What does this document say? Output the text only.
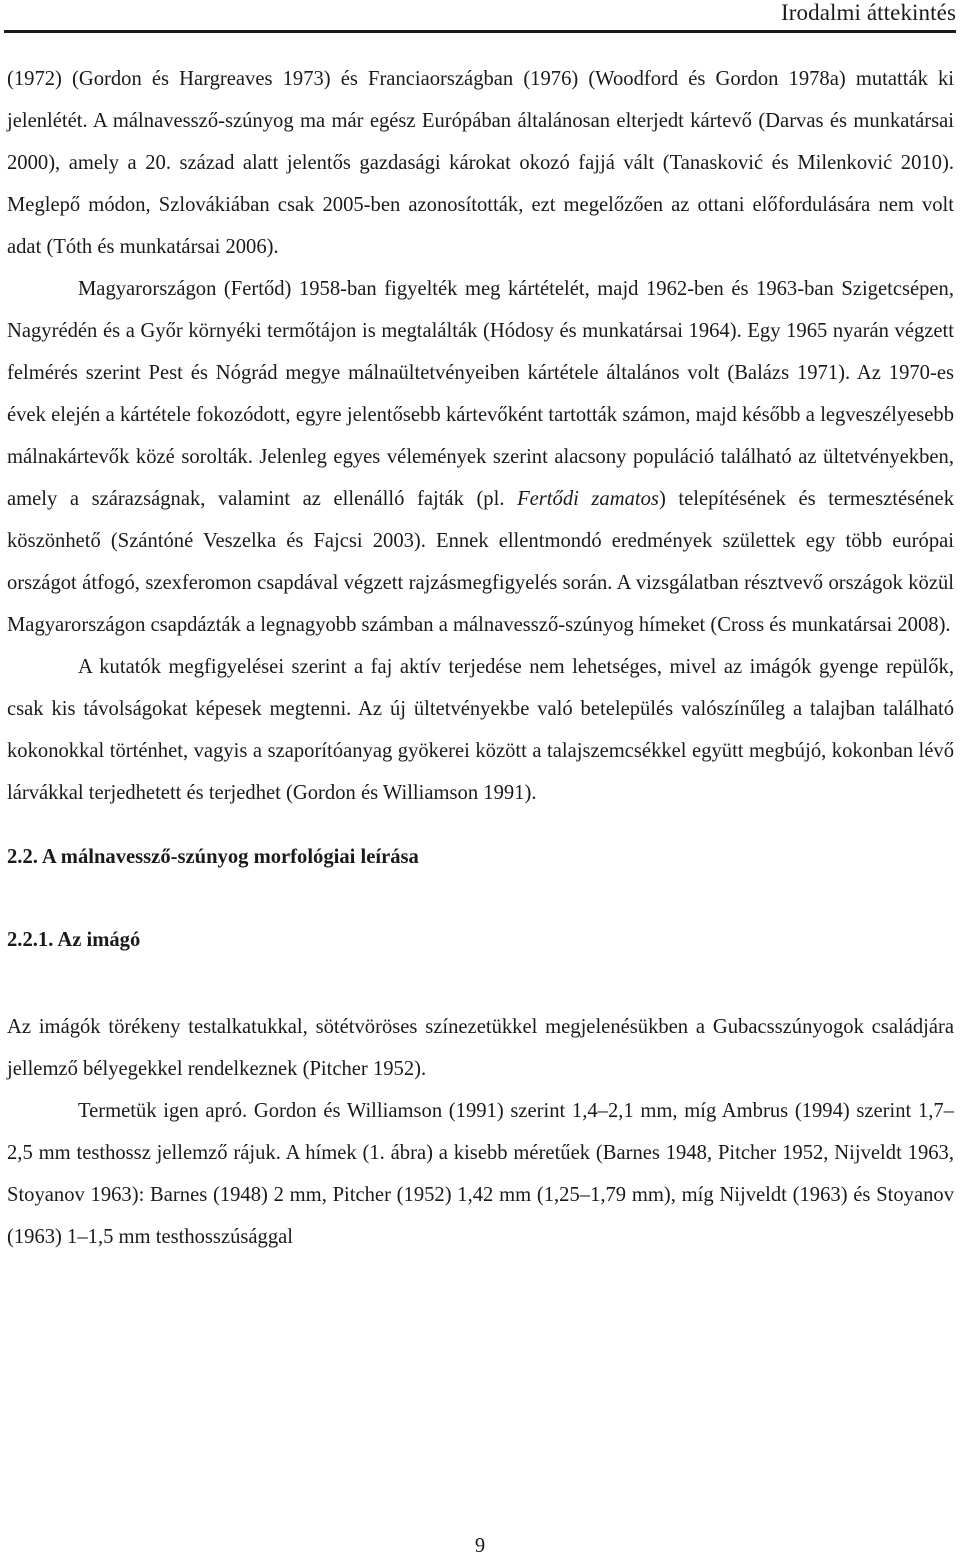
Irodalmi áttekintés

(1972) (Gordon és Hargreaves 1973) és Franciaországban (1976) (Woodford és Gordon 1978a) mutatták ki jelenlétét. A málnavessző-szúnyog ma már egész Európában általánosan elterjedt kártevő (Darvas és munkatársai 2000), amely a 20. század alatt jelentős gazdasági károkat okozó fajjá vált (Tanasković és Milenković 2010). Meglepő módon, Szlovákiában csak 2005-ben azonosították, ezt megelőzően az ottani előfordulására nem volt adat (Tóth és munkatársai 2006).

Magyarországon (Fertőd) 1958-ban figyelték meg kártételét, majd 1962-ben és 1963-ban Szigetcsépen, Nagyrédén és a Győr környéki termőtájon is megtalálták (Hódosy és munkatársai 1964). Egy 1965 nyarán végzett felmérés szerint Pest és Nógrád megye málnaültetvényeiben kártétele általános volt (Balázs 1971). Az 1970-es évek elején a kártétele fokozódott, egyre jelentősebb kártevőként tartották számon, majd később a legveszélyesebb málnakártevők közé sorolták. Jelenleg egyes vélemények szerint alacsony populáció található az ültetvényekben, amely a szárazságnak, valamint az ellenálló fajták (pl. Fertődi zamatos) telepítésének és termesztésének köszönhető (Szántóné Veszelka és Fajcsi 2003). Ennek ellentmondó eredmények születtek egy több európai országot átfogó, szexferomon csapdával végzett rajzásmegfigyelés során. A vizsgálatban résztvevő országok közül Magyarországon csapdázták a legnagyobb számban a málnavessző-szúnyog hímeket (Cross és munkatársai 2008).

A kutatók megfigyelései szerint a faj aktív terjedése nem lehetséges, mivel az imágók gyenge repülők, csak kis távolságokat képesek megtenni. Az új ültetvényekbe való betelepülés valószínűleg a talajban található kokonokkal történhet, vagyis a szaporítóanyag gyökerei között a talajszemcsékkel együtt megbújó, kokonban lévő lárvákkal terjedhetett és terjedhet (Gordon és Williamson 1991).

2.2. A málnavessző-szúnyog morfológiai leírása
2.2.1. Az imágó

Az imágók törékeny testalkatukkal, sötétvöröses színezetükkel megjelenésükben a Gubacsszúnyogok családjára jellemző bélyegekkel rendelkeznek (Pitcher 1952).

Termetük igen apró. Gordon és Williamson (1991) szerint 1,4–2,1 mm, míg Ambrus (1994) szerint 1,7–2,5 mm testhossz jellemző rájuk. A hímek (1. ábra) a kisebb méretűek (Barnes 1948, Pitcher 1952, Nijveldt 1963, Stoyanov 1963): Barnes (1948) 2 mm, Pitcher (1952) 1,42 mm (1,25–1,79 mm), míg Nijveldt (1963) és Stoyanov (1963) 1–1,5 mm testhosszúsággal

9
